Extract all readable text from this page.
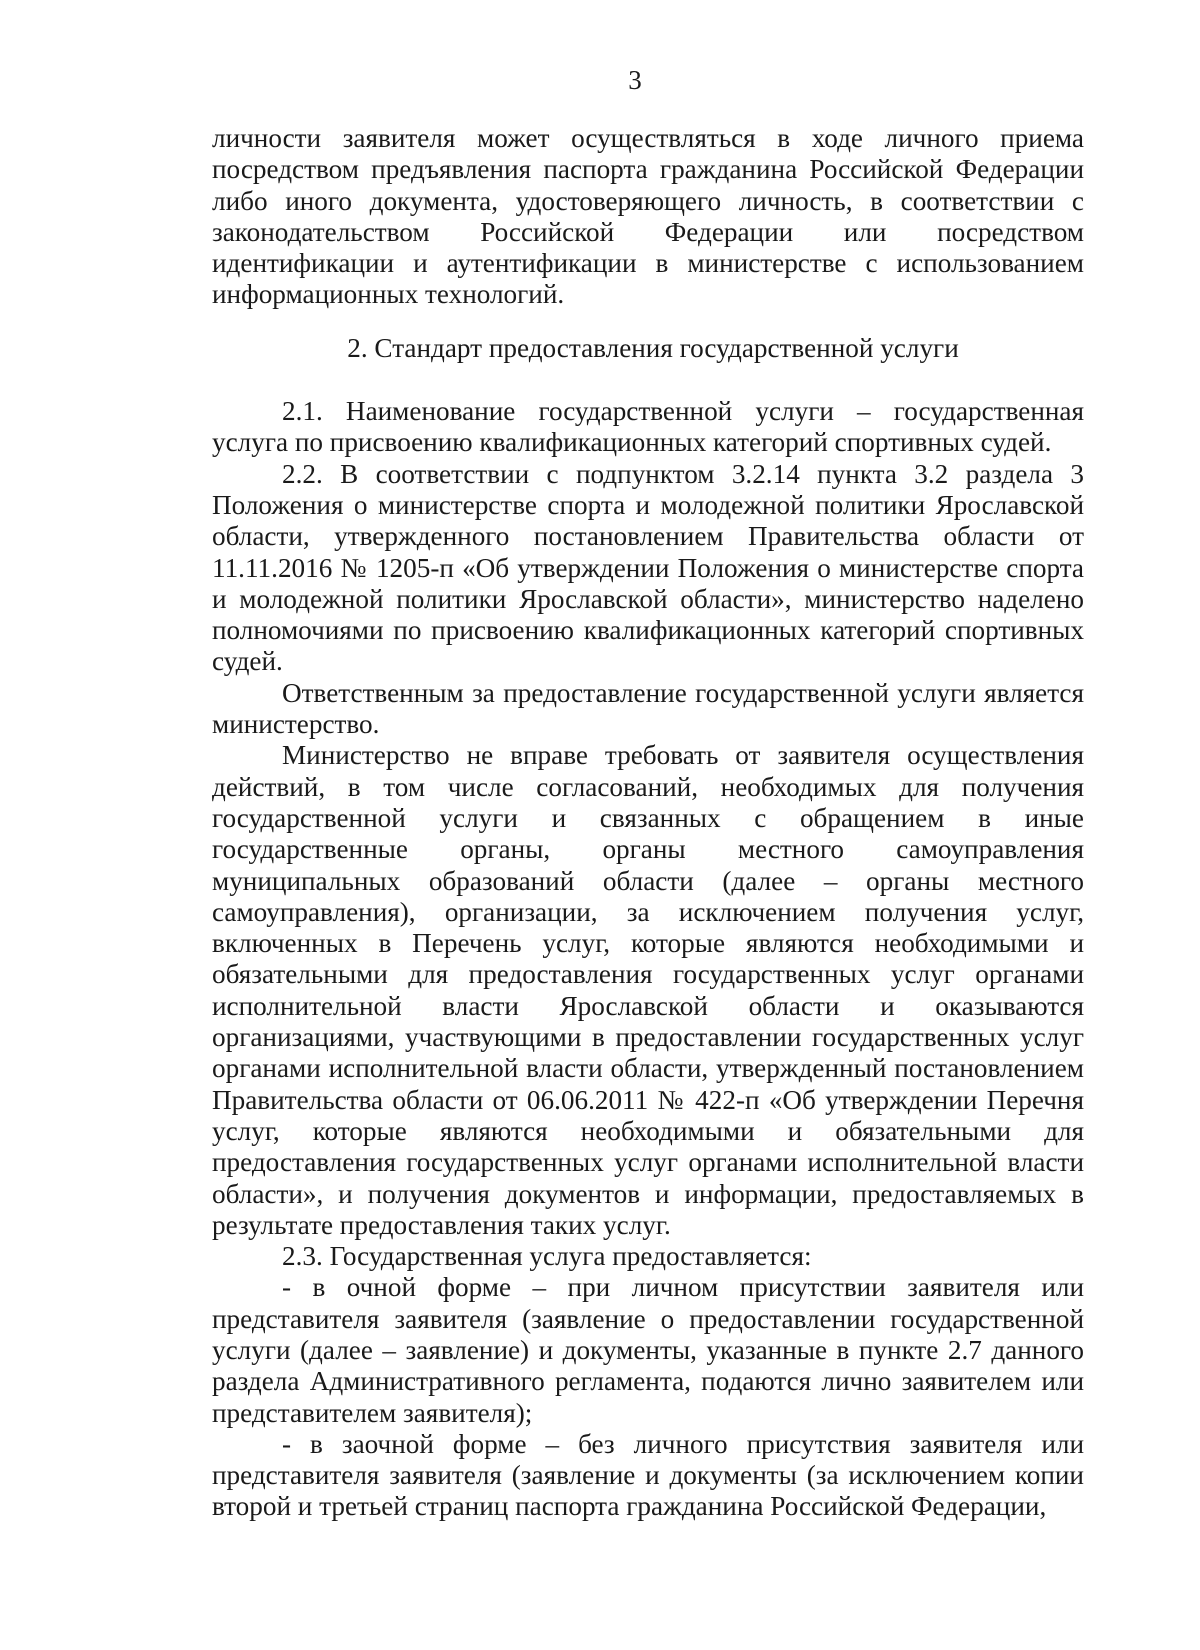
3

личности заявителя может осуществляться в ходе личного приема посредством предъявления паспорта гражданина Российской Федерации либо иного документа, удостоверяющего личность, в соответствии с законодательством Российской Федерации или посредством идентификации и аутентификации в министерстве с использованием информационных технологий.

2. Стандарт предоставления государственной услуги

2.1. Наименование государственной услуги – государственная услуга по присвоению квалификационных категорий спортивных судей.

2.2. В соответствии с подпунктом 3.2.14 пункта 3.2 раздела 3 Положения о министерстве спорта и молодежной политики Ярославской области, утвержденного постановлением Правительства области от 11.11.2016 № 1205-п «Об утверждении Положения о министерстве спорта и молодежной политики Ярославской области», министерство наделено полномочиями по присвоению квалификационных категорий спортивных судей.

Ответственным за предоставление государственной услуги является министерство.

Министерство не вправе требовать от заявителя осуществления действий, в том числе согласований, необходимых для получения государственной услуги и связанных с обращением в иные государственные органы, органы местного самоуправления муниципальных образований области (далее – органы местного самоуправления), организации, за исключением получения услуг, включенных в Перечень услуг, которые являются необходимыми и обязательными для предоставления государственных услуг органами исполнительной власти Ярославской области и оказываются организациями, участвующими в предоставлении государственных услуг органами исполнительной власти области, утвержденный постановлением Правительства области от 06.06.2011 № 422-п «Об утверждении Перечня услуг, которые являются необходимыми и обязательными для предоставления государственных услуг органами исполнительной власти области», и получения документов и информации, предоставляемых в результате предоставления таких услуг.

2.3. Государственная услуга предоставляется:

- в очной форме – при личном присутствии заявителя или представителя заявителя (заявление о предоставлении государственной услуги (далее – заявление) и документы, указанные в пункте 2.7 данного раздела Административного регламента, подаются лично заявителем или представителем заявителя);

- в заочной форме – без личного присутствия заявителя или представителя заявителя (заявление и документы (за исключением копии второй и третьей страниц паспорта гражданина Российской Федерации,
